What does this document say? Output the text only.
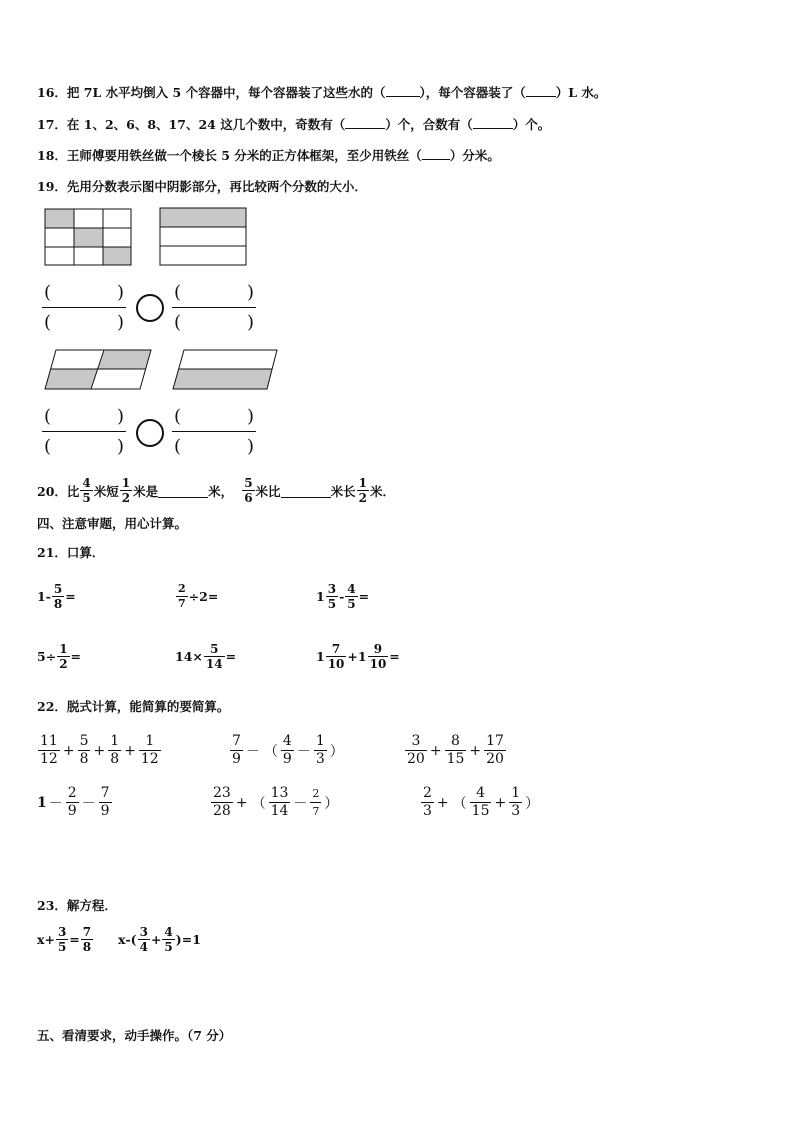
16．把 7L 水平均倒入 5 个容器中，每个容器装了这些水的（	），每个容器装了（ ）L 水。
17．在 1、2、6、8、17、24 这几个数中，奇数有（	）个，合数有（	）个。
18．王师傅要用铁丝做一个棱长 5 分米的正方体框架，至少用铁丝（ ）分米。
19．先用分数表示图中阴影部分，再比较两个分数的大小．
(	)
(	)
(	)
(	)
(	)
(	)
(	)
(	)
20． 比 $\frac{4}{5}$ 米短 $\frac{1}{2}$ 米是	米， $\frac{5}{6}$ 米比	米长 $\frac{1}{2}$ 米．
四、注意审题，用心计算。
21．口算．
$1 - \frac{5}{8}$ =	$\frac{2}{7} \div 2$ =	$1 \frac{3}{5} - \frac{4}{5}$ =
$5 \div \frac{1}{2}$ =	$14 \times \frac{5}{14}$ =	$1 \frac{7}{10} + 1 \frac{9}{10}$ =
22．脱式计算，能简算的要简算。
$\frac{11}{12} + \frac{5}{8} + \frac{1}{8} + \frac{1}{12}$	$\frac{7}{9}$ － （ $\frac{4}{9} - \frac{1}{3}$ ）	$\frac{3}{20} + \frac{8}{15} + \frac{17}{20}$
$1 - \frac{2}{9} - \frac{7}{9}$	$\frac{23}{28}$ + （ $\frac{13}{14} - \frac{2}{7}$ ）	$\frac{2}{3}$ + （ $\frac{4}{15} + \frac{1}{3}$ ）
23．解方程．
$x + \frac{3}{5} = \frac{7}{8}$ x - ( $\frac{3}{4} + \frac{4}{5}$ ) = 1
五、看清要求，动手操作。（7 分）
